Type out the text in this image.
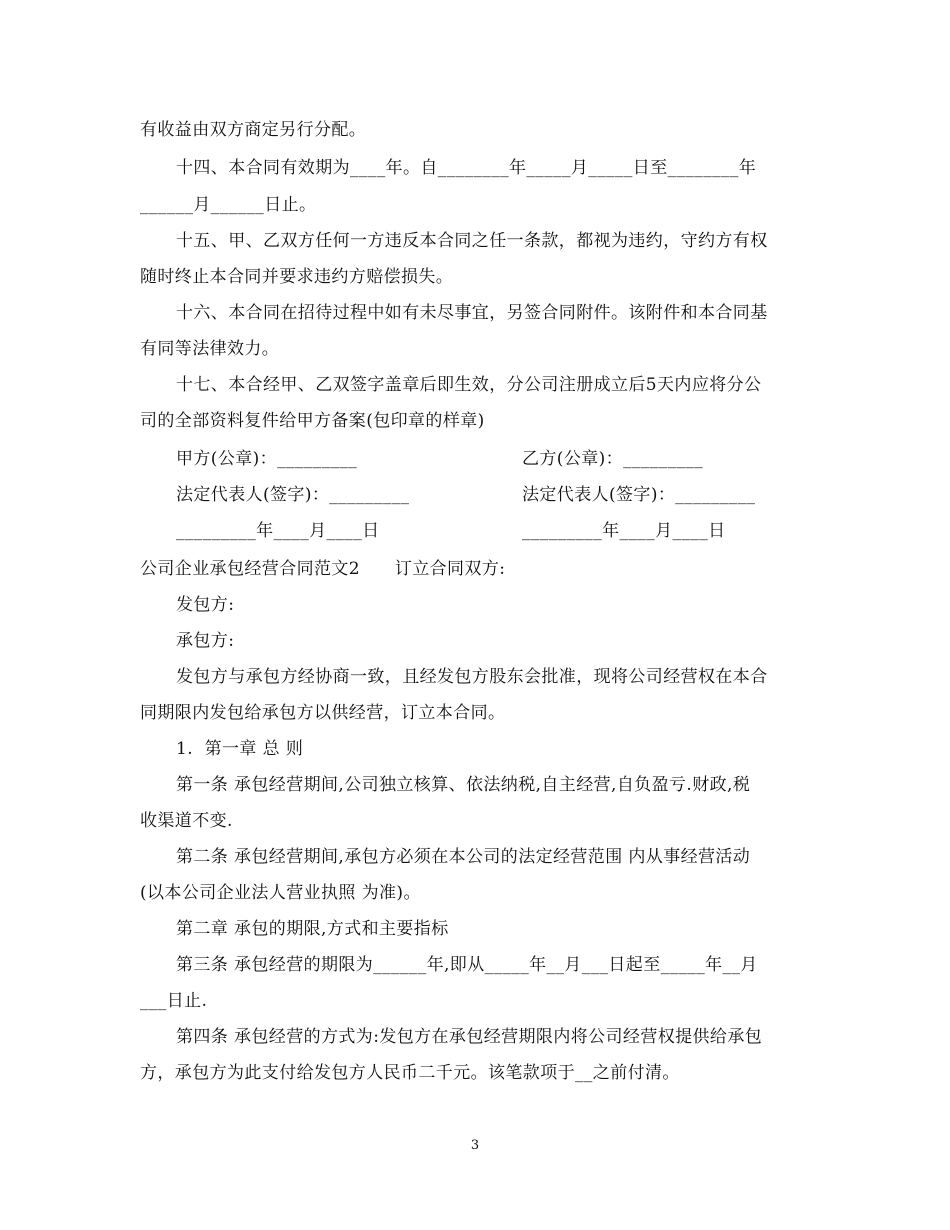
有收益由双方商定另行分配。
十四、本合同有效期为____年。自________年_____月_____日至________年
______月______日止。
十五、甲、乙双方任何一方违反本合同之任一条款，都视为违约，守约方有权
随时终止本合同并要求违约方赔偿损失。
十六、本合同在招待过程中如有未尽事宜，另签合同附件。该附件和本合同基
有同等法律效力。
十七、本合经甲、乙双签字盖章后即生效，分公司注册成立后5天内应将分公
司的全部资料复件给甲方备案(包印章的样章)
甲方(公章)：_________	乙方(公章)：_________
法定代表人(签字)：_________	法定代表人(签字)：_________
_________年____月____日	_________年____月____日
公司企业承包经营合同范文2　　订立合同双方:
发包方:
承包方:
发包方与承包方经协商一致，且经发包方股东会批准，现将公司经营权在本合
同期限内发包给承包方以供经营，订立本合同。
1.  第一章 总 则
第一条 承包经营期间,公司独立核算、依法纳税,自主经营,自负盈亏.财政,税
收渠道不变.
第二条 承包经营期间,承包方必须在本公司的法定经营范围 内从事经营活动
(以本公司企业法人营业执照 为准)。
第二章 承包的期限,方式和主要指标
第三条 承包经营的期限为______年,即从_____年__月___日起至_____年__月
___日止.
第四条 承包经营的方式为:发包方在承包经营期限内将公司经营权提供给承包
方，承包方为此支付给发包方人民币二千元。该笔款项于__之前付清。
3
